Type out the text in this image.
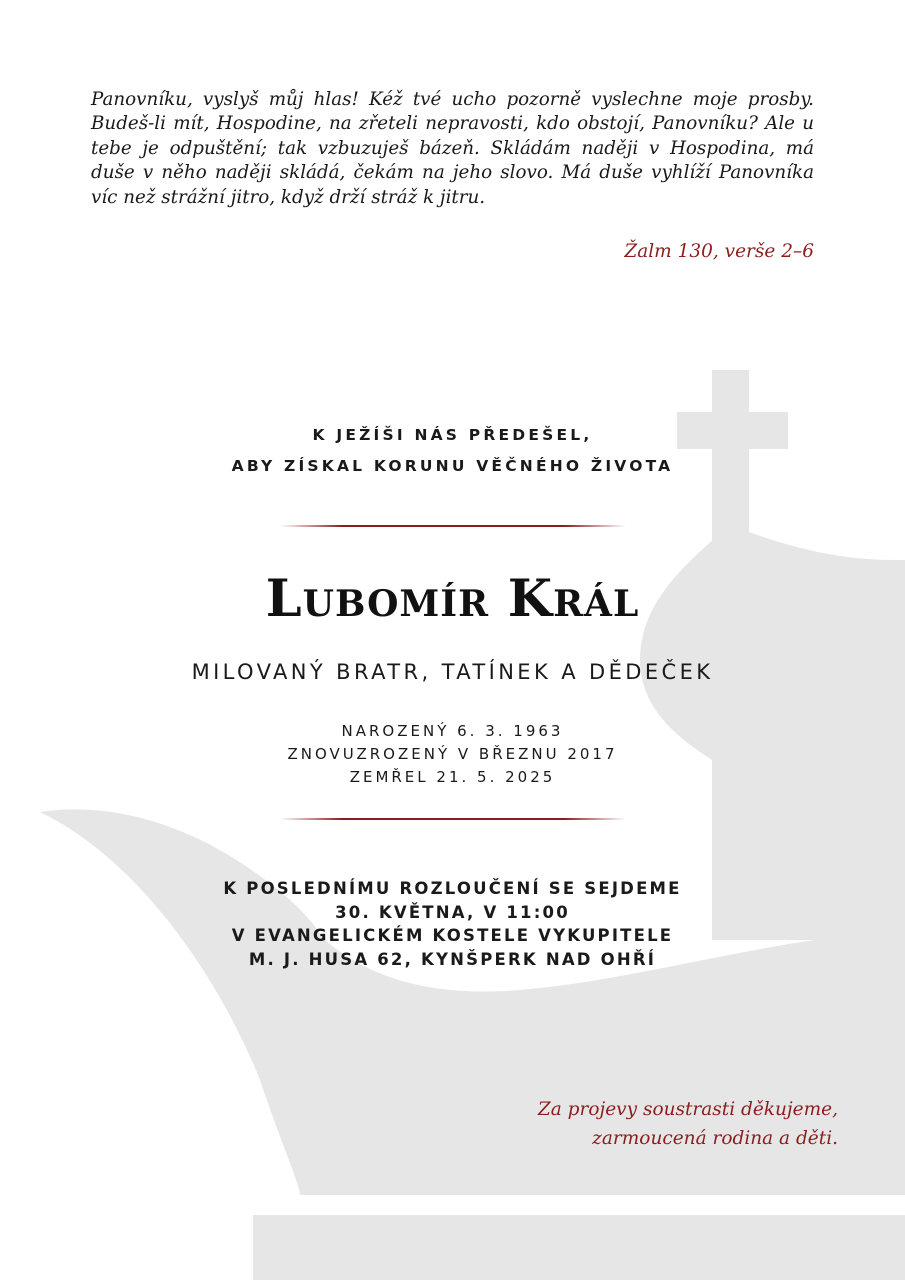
Panovníku, vyslyš můj hlas! Kéž tvé ucho pozorně vyslechne moje prosby. Budeš-li mít, Hospodine, na zřeteli nepravosti, kdo obstojí, Panovníku? Ale u tebe je odpuštění; tak vzbuzuješ bázeň. Skládám naději v Hospodina, má duše v něho naději skládá, čekám na jeho slovo. Má duše vyhlíží Panovníka víc než strážní jitro, když drží stráž k jitru.

Žalm 130, verše 2–6

K JEŽÍŠI NÁS PŘEDEŠEL,
ABY ZÍSKAL KORUNU VĚČNÉHO ŽIVOTA
Lubomír Král
MILOVANÝ BRATR, TATÍNEK A DĚDEČEK
NAROZENÝ 6. 3. 1963
ZNOVUZROZENÝ V BŘEZNU 2017
ZEMŘEL 21. 5. 2025
K POSLEDNÍMU ROZLOUČENÍ SE SEJDEME
30. KVĚTNA, V 11:00
V EVANGELICKÉM KOSTELE VYKUPITELE
M. J. HUSA 62, KYNŠPERK NAD OHŘÍ
Za projevy soustrasti děkujeme,
zarmoucená rodina a děti.
